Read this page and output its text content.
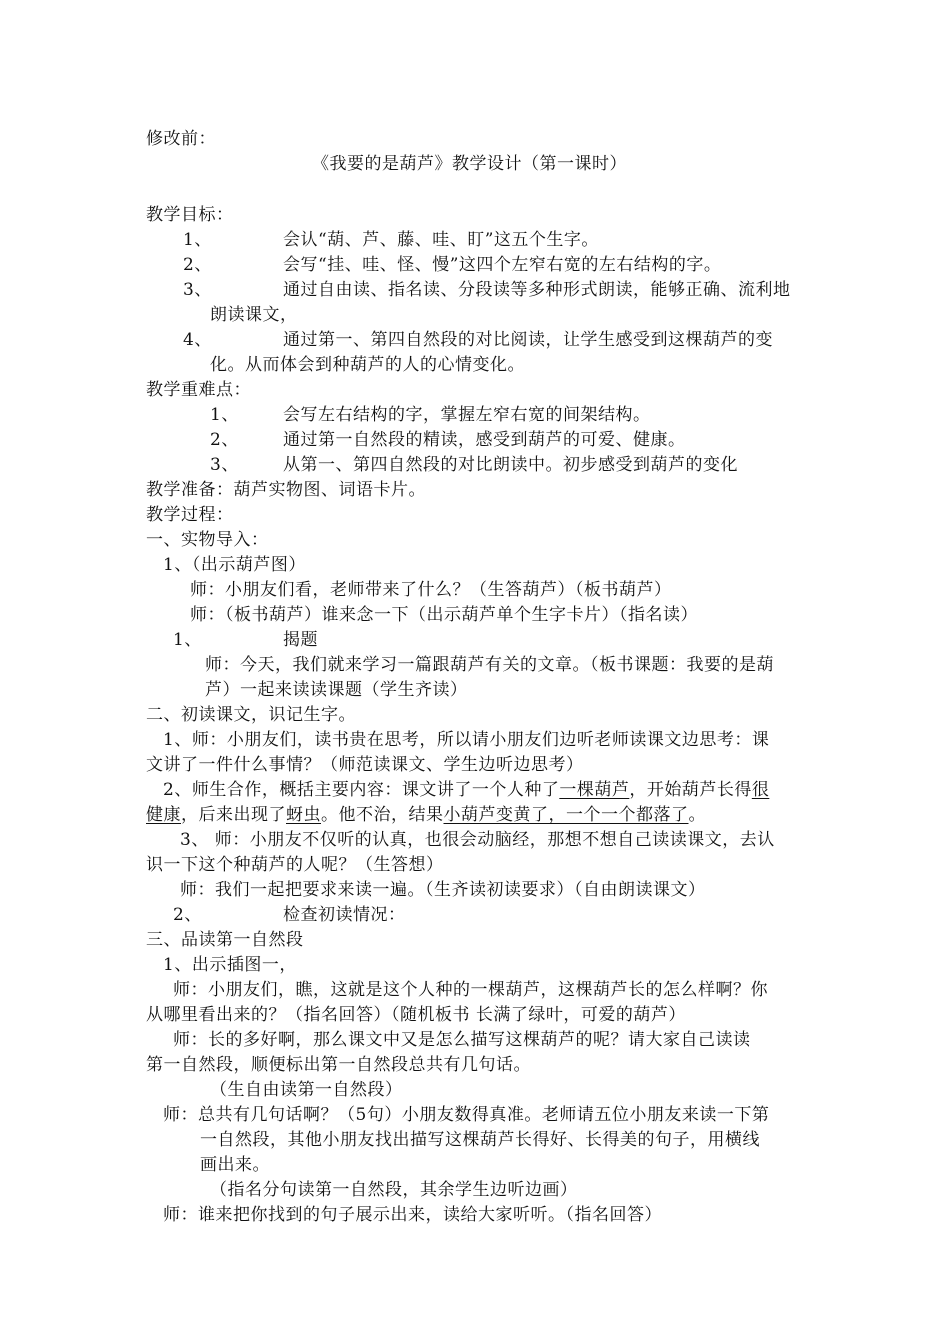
修改前：
《我要的是葫芦》教学设计（第一课时）
教学目标：
1、	会认“葫、芦、藤、哇、盯”这五个生字。
2、	会写“挂、哇、怪、慢”这四个左窄右宽的左右结构的字。
3、	通过自由读、指名读、分段读等多种形式朗读，能够正确、流利地
朗读课文，
4、	通过第一、第四自然段的对比阅读，让学生感受到这棵葫芦的变
化。从而体会到种葫芦的人的心情变化。
教学重难点：
1、	会写左右结构的字，掌握左窄右宽的间架结构。
2、	通过第一自然段的精读，感受到葫芦的可爱、健康。
3、	从第一、第四自然段的对比朗读中。初步感受到葫芦的变化
教学准备：葫芦实物图、词语卡片。
教学过程：
一、实物导入：
1、（出示葫芦图）
师：小朋友们看，老师带来了什么？（生答葫芦）（板书葫芦）
师：（板书葫芦）谁来念一下（出示葫芦单个生字卡片）（指名读）
1、	揭题
师：今天，我们就来学习一篇跟葫芦有关的文章。（板书课题：我要的是葫
芦）一起来读读课题（学生齐读）
二、初读课文，识记生字。
1、师：小朋友们，读书贵在思考，所以请小朋友们边听老师读课文边思考：课
文讲了一件什么事情？（师范读课文、学生边听边思考）
2、师生合作，概括主要内容：课文讲了一个人种了一棵葫芦，开始葫芦长得很
健康，后来出现了蚜虫。他不治，结果小葫芦变黄了，一个一个都落了。
3、 师：小朋友不仅听的认真，也很会动脑经，那想不想自己读读课文，去认
识一下这个种葫芦的人呢？（生答想）
师：我们一起把要求来读一遍。（生齐读初读要求）（自由朗读课文）
2、	检查初读情况：
三、品读第一自然段
1、出示插图一，
师：小朋友们，瞧，这就是这个人种的一棵葫芦，这棵葫芦长的怎么样啊？你
从哪里看出来的？（指名回答）（随机板书 长满了绿叶，可爱的葫芦）
师：长的多好啊，那么课文中又是怎么描写这棵葫芦的呢？请大家自己读读
第一自然段，顺便标出第一自然段总共有几句话。
（生自由读第一自然段）
师：总共有几句话啊？（5句）小朋友数得真准。老师请五位小朋友来读一下第
一自然段，其他小朋友找出描写这棵葫芦长得好、长得美的句子，用横线
画出来。
（指名分句读第一自然段，其余学生边听边画）
师：谁来把你找到的句子展示出来，读给大家听听。（指名回答）
